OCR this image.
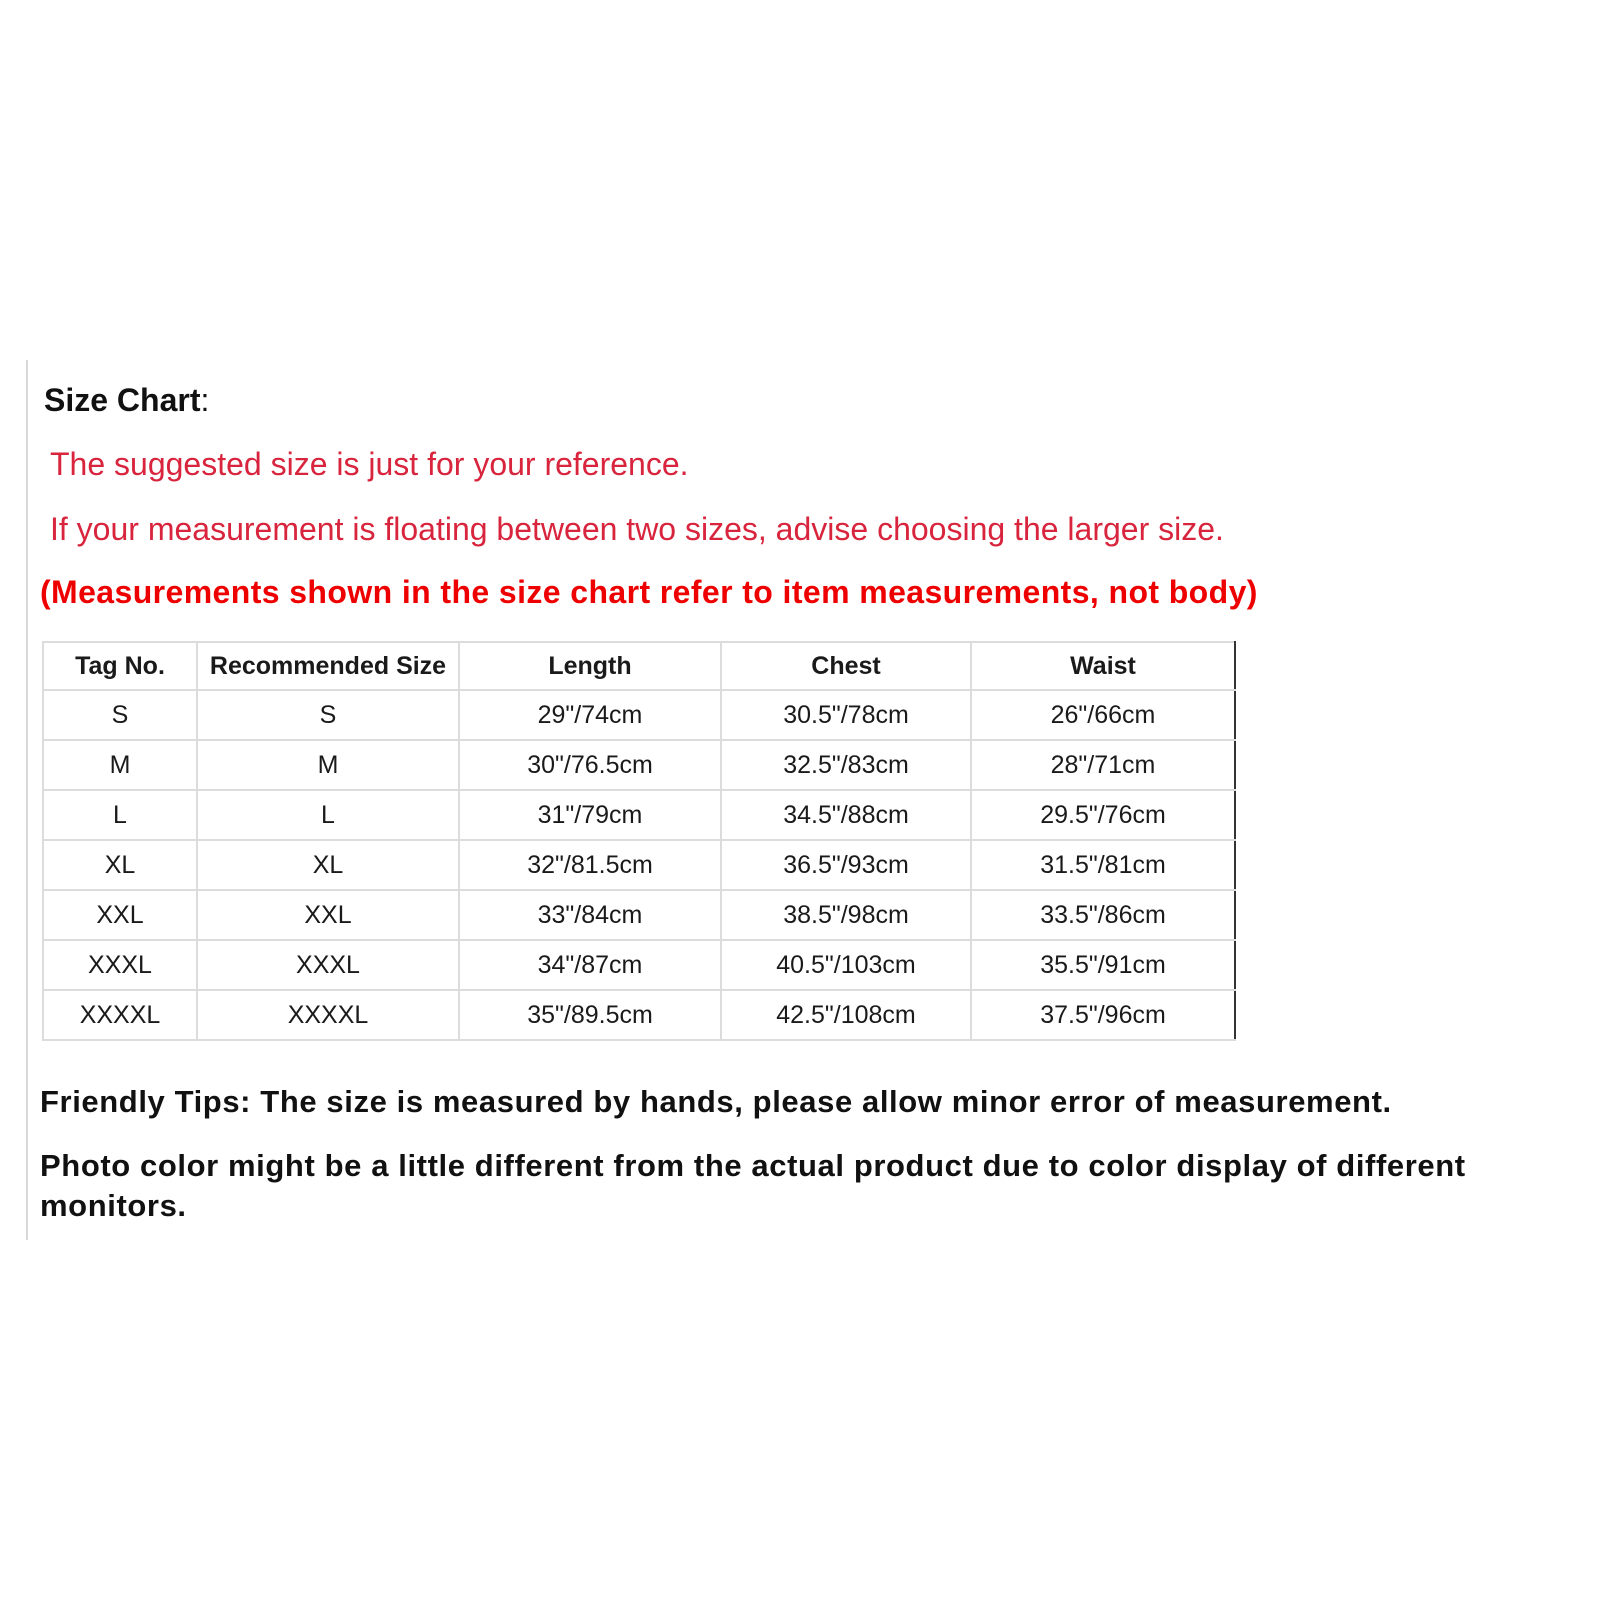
Size Chart:
The suggested size is just for your reference.
If your measurement is floating between two sizes, advise choosing the larger size.
(Measurements shown in the size chart refer to item measurements, not body)
Tag No.	Recommended Size	Length	Chest	Waist
S	S	29"/74cm	30.5"/78cm	26"/66cm
M	M	30"/76.5cm	32.5"/83cm	28"/71cm
L	L	31"/79cm	34.5"/88cm	29.5"/76cm
XL	XL	32"/81.5cm	36.5"/93cm	31.5"/81cm
XXL	XXL	33"/84cm	38.5"/98cm	33.5"/86cm
XXXL	XXXL	34"/87cm	40.5"/103cm	35.5"/91cm
XXXXL	XXXXL	35"/89.5cm	42.5"/108cm	37.5"/96cm
Friendly Tips: The size is measured by hands, please allow minor error of measurement.
Photo color might be a little different from the actual product due to color display of different monitors.
